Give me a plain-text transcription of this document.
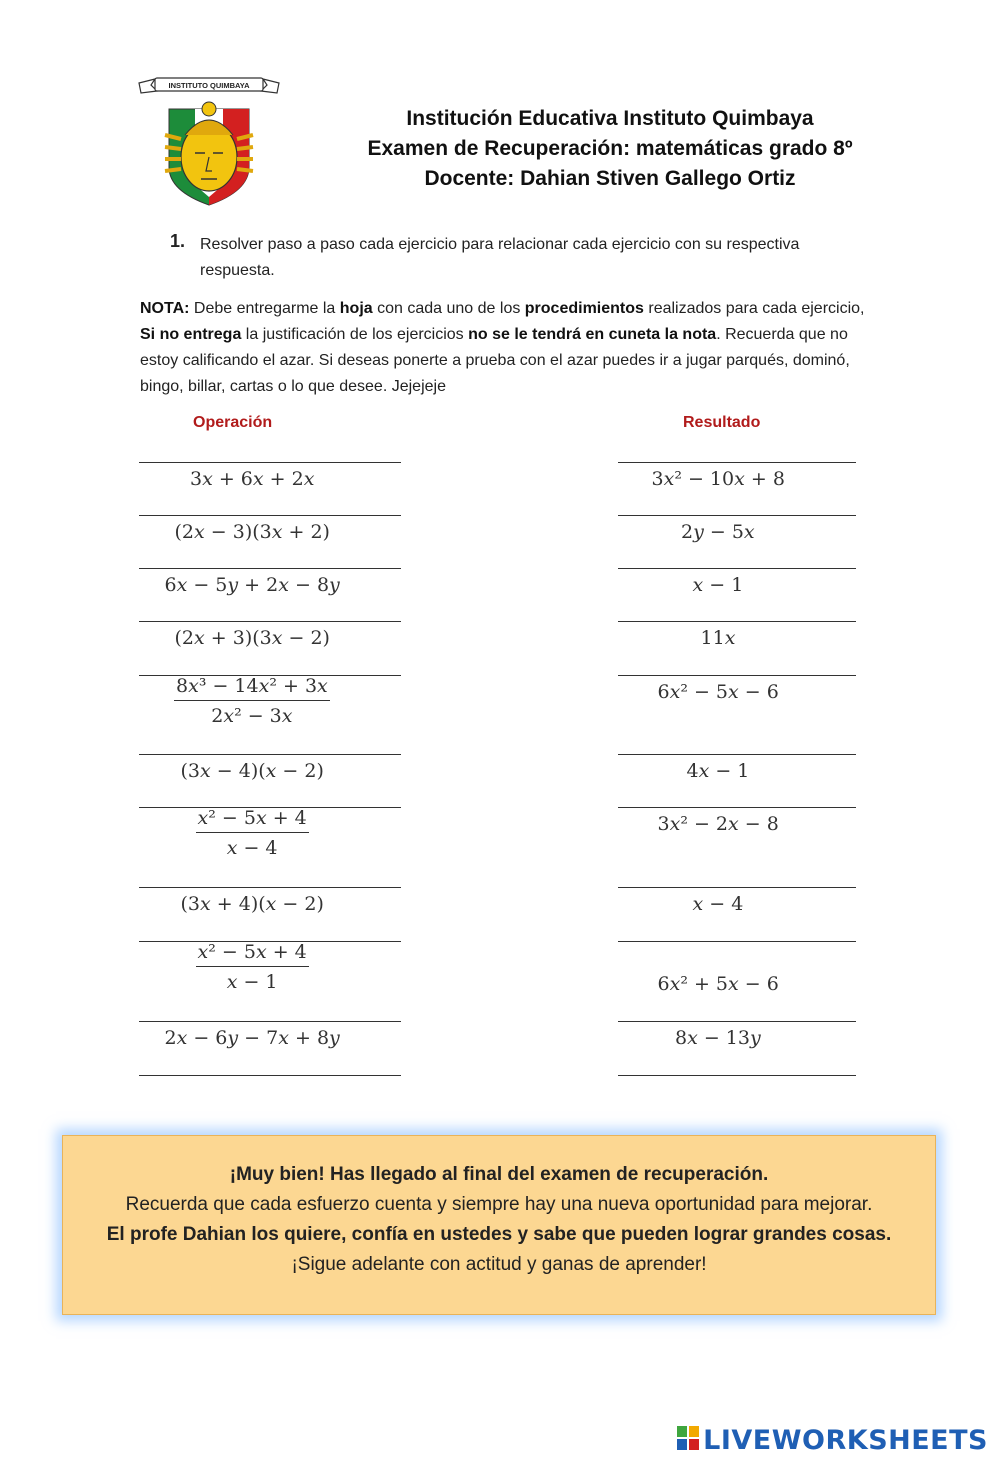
INSTITUTO QUIMBAYA
Institución Educativa Instituto Quimbaya
Examen de Recuperación: matemáticas grado 8º
Docente: Dahian Stiven Gallego Ortiz
1. Resolver paso a paso cada ejercicio para relacionar cada ejercicio con su respectiva respuesta.
NOTA: Debe entregarme la hoja con cada uno de los procedimientos realizados para cada ejercicio, Si no entrega la justificación de los ejercicios no se le tendrá en cuneta la nota. Recuerda que no estoy calificando el azar. Si deseas ponerte a prueba con el azar puedes ir a jugar parqués, dominó, bingo, billar, cartas o lo que desee. Jejejeje
Operación	Resultado
3x + 6x + 2x
(2x − 3)(3x + 2)
6x − 5y + 2x − 8y
(2x + 3)(3x − 2)
$\frac{\text{8x³ − 14x² + 3x}}{\text{2x² − 3x}}$
(3x − 4)(x − 2)
$\frac{\text{x² − 5x + 4}}{x - 4}$
(3x + 4)(x − 2)
$\frac{\text{x² − 5x + 4}}{x - 1}$
2x − 6y − 7x + 8y
3x² − 10x + 8
2y − 5x
x − 1
11x
6x² − 5x − 6
4x − 1
3x² − 2x − 8
x − 4
6x² + 5x − 6
8x − 13y
¡Muy bien! Has llegado al final del examen de recuperación.
Recuerda que cada esfuerzo cuenta y siempre hay una nueva oportunidad para mejorar.
El profe Dahian los quiere, confía en ustedes y sabe que pueden lograr grandes cosas.
¡Sigue adelante con actitud y ganas de aprender!
LIVEWORKSHEETS
